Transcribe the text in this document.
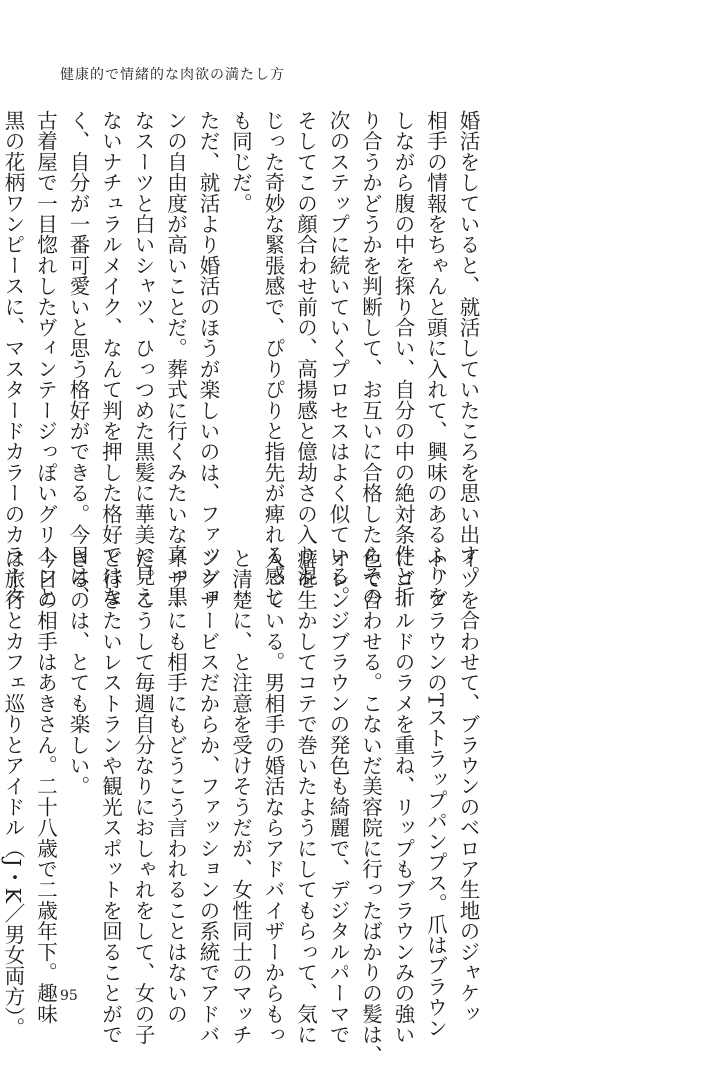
健康的で情緒的な肉欲の満たし方
婚活をしていると、就活していたころを思い出す。
相手の情報をちゃんと頭に入れて、興味のあるふりを
しながら腹の中を探り合い、自分の中の絶対条件と折
り合うかどうかを判断して、お互いに合格したらその
次のステップに続いていくプロセスはよく似ている。
そしてこの顔合わせ前の、高揚感と億劫さの入り混
じった奇妙な緊張感で、ぴりぴりと指先が痺れる感じ
も同じだ。
ただ、就活より婚活のほうが楽しいのは、ファッショ
ンの自由度が高いことだ。葬式に行くみたいな真っ黒
なスーツと白いシャツ、ひっつめた黒髪に華美に見え
ないナチュラルメイク、なんて判を押した格好ではな
く、自分が一番可愛いと思う格好ができる。今日は、
古着屋で一目惚れしたヴィンテージっぽいグリーンと
黒の花柄ワンピースに、マスタードカラーのカラータ
イツを合わせて、ブラウンのベロア生地のジャケッ
ト、ブラウンのTストラップパンプス。爪はブラウン
にゴールドのラメを重ね、リップもブラウンみの強い
色で合わせる。こないだ美容院に行ったばかりの髪は、
オレンジブラウンの発色も綺麗で、デジタルパーマで
癖を生かしてコテで巻いたようにしてもらって、気に
入っている。男相手の婚活ならアドバイザーからもっ
と清楚に、と注意を受けそうだが、女性同士のマッチ
ングサービスだからか、ファッションの系統でアドバ
イザーにも相手にもどうこう言われることはないの
だ。こうして毎週自分なりにおしゃれをして、女の子
と行きたいレストランや観光スポットを回ることがで
きるのは、とても楽しい。
今日の相手はあきさん。二十八歳で二歳年下。趣味
は旅行とカフェ巡りとアイドル（J・K／男女両方）。	95
